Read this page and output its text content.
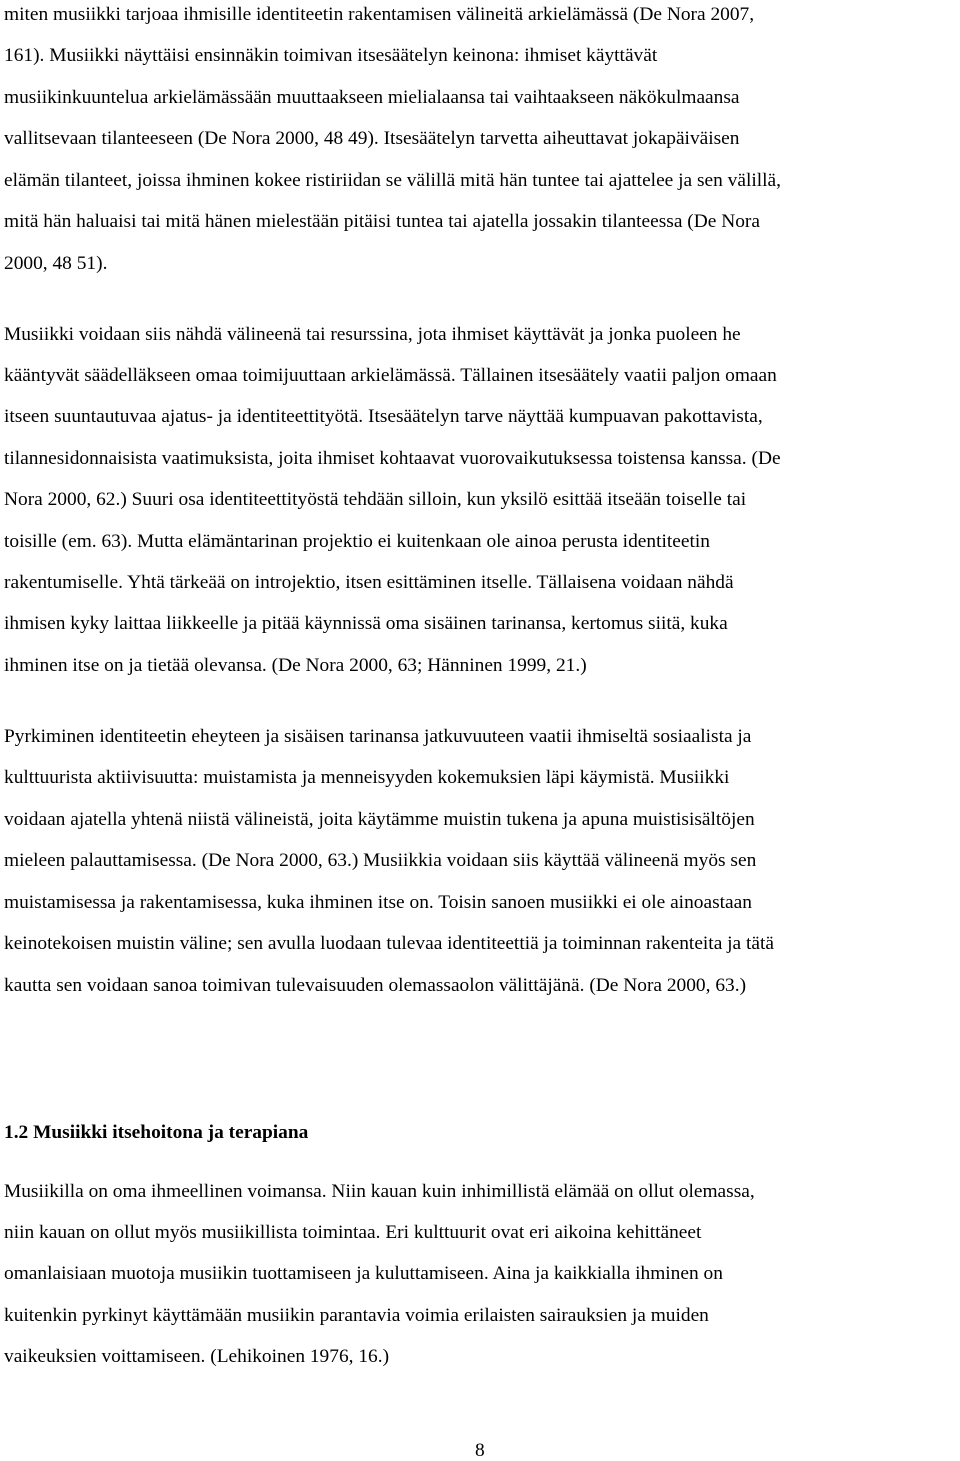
miten musiikki tarjoaa ihmisille identiteetin rakentamisen välineitä arkielämässä (De Nora 2007,
161). Musiikki näyttäisi ensinnäkin toimivan itsesäätelyn keinona: ihmiset käyttävät
musiikinkuuntelua arkielämässään muuttaakseen mielialaansa tai vaihtaakseen näkökulmaansa
vallitsevaan tilanteeseen (De Nora 2000, 48 49). Itsesäätelyn tarvetta aiheuttavat jokapäiväisen
elämän tilanteet, joissa ihminen kokee ristiriidan se välillä mitä hän tuntee tai ajattelee ja sen välillä,
mitä hän haluaisi tai mitä hänen mielestään pitäisi tuntea tai ajatella jossakin tilanteessa (De Nora
2000, 48 51).
Musiikki voidaan siis nähdä välineenä tai resurssina, jota ihmiset käyttävät ja jonka puoleen he
kääntyvät säädelläkseen omaa toimijuuttaan arkielämässä. Tällainen itsesäätely vaatii paljon omaan
itseen suuntautuvaa ajatus- ja identiteettityötä. Itsesäätelyn tarve näyttää kumpuavan pakottavista,
tilannesidonnaisista vaatimuksista, joita ihmiset kohtaavat vuorovaikutuksessa toistensa kanssa. (De
Nora 2000, 62.) Suuri osa identiteettityöstä tehdään silloin, kun yksilö esittää itseään toiselle tai
toisille (em. 63). Mutta elämäntarinan projektio ei kuitenkaan ole ainoa perusta identiteetin
rakentumiselle. Yhtä tärkeää on introjektio, itsen esittäminen itselle. Tällaisena voidaan nähdä
ihmisen kyky laittaa liikkeelle ja pitää käynnissä oma sisäinen tarinansa, kertomus siitä, kuka
ihminen itse on ja tietää olevansa. (De Nora 2000, 63; Hänninen 1999, 21.)
Pyrkiminen identiteetin eheyteen ja sisäisen tarinansa jatkuvuuteen vaatii ihmiseltä sosiaalista ja
kulttuurista aktiivisuutta: muistamista ja menneisyyden kokemuksien läpi käymistä. Musiikki
voidaan ajatella yhtenä niistä välineistä, joita käytämme muistin tukena ja apuna muistisisältöjen
mieleen palauttamisessa. (De Nora 2000, 63.) Musiikkia voidaan siis käyttää välineenä myös sen
muistamisessa ja rakentamisessa, kuka ihminen itse on. Toisin sanoen musiikki ei ole ainoastaan
keinotekoisen muistin väline; sen avulla luodaan tulevaa identiteettiä ja toiminnan rakenteita ja tätä
kautta sen voidaan sanoa toimivan tulevaisuuden olemassaolon välittäjänä. (De Nora 2000, 63.)
1.2 Musiikki itsehoitona ja terapiana
Musiikilla on oma ihmeellinen voimansa. Niin kauan kuin inhimillistä elämää on ollut olemassa,
niin kauan on ollut myös musiikillista toimintaa. Eri kulttuurit ovat eri aikoina kehittäneet
omanlaisiaan muotoja musiikin tuottamiseen ja kuluttamiseen. Aina ja kaikkialla ihminen on
kuitenkin pyrkinyt käyttämään musiikin parantavia voimia erilaisten sairauksien ja muiden
vaikeuksien voittamiseen. (Lehikoinen 1976, 16.)
8
